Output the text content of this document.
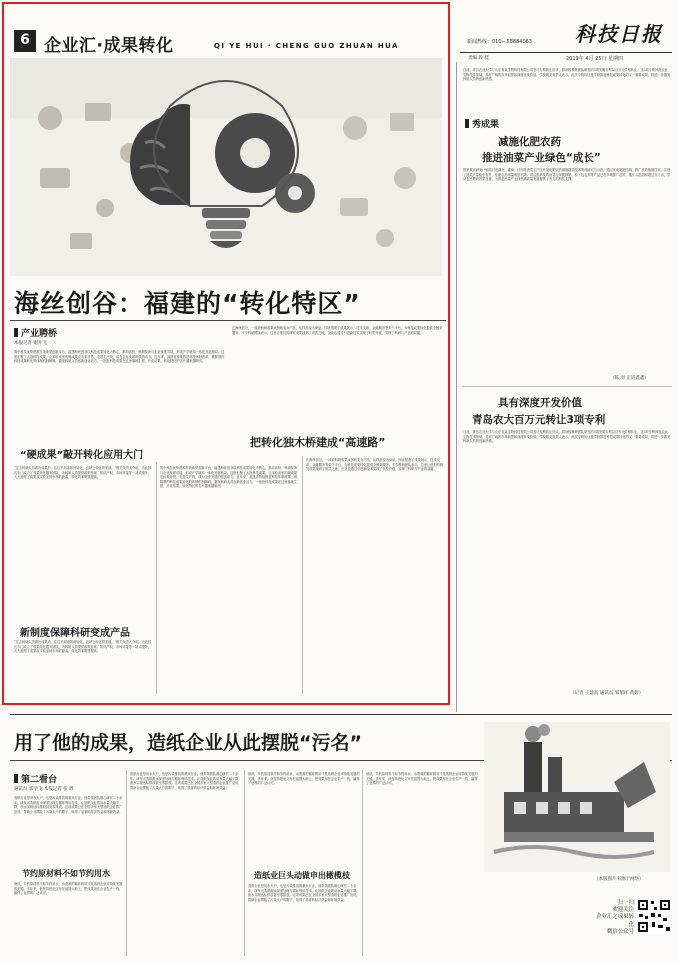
6 企业汇·成果转化	QI YE HUI · CHENG GUO ZHUAN HUA	新闻热线：010—58884063 科技日报
责编 段 佳	2019年 4月 25日 星期四
海丝创谷：福建的“转化特区”
产业聘桥
本报记者 谢开飞
集中科技优势资源打造新型创新平台，福建海丝创谷以科技成果转化为核心，推动高校、科研院所与企业深度对接，形成产学研用一体化发展格局。这里汇聚了大批科技成果，让实验室里的硬成果走出象牙塔，走进生产线，成为企业发展的强劲动力。近年来，福建省持续推进科技体制改革，破除制约科技成果转化的体制机制障碍，激发科研人员创新创业活力，一批批科技成果在这里落地生根、开花结果，转化特区的名片越来越响亮。
在海丝创谷，一项项科研成果从图纸变为产品，从样品变为商品。园区搭建了成果展示、技术交易、金融服务等多个平台，为科技成果转化提供全链条服务。不少科研团队表示，这里让他们的研究成果找到了用武之地，企业也通过引进新技术实现了转型升级，实现了科研与产业的双赢。
“硬成果”敲开转化应用大门
把转化独木桥建成“高速路”
“过去科研人员做出成果后，往往不知道如何转化，也缺乏转化的渠道。”相关负责人介绍，为此园区专门成立了成果转化服务团队，为科研人员提供政策咨询、知识产权、市场对接等一站式服务，大大缩短了成果从实验室到市场的距离，转化效率明显提高。
集中科技优势资源打造新型创新平台，福建海丝创谷以科技成果转化为核心，推动高校、科研院所与企业深度对接，形成产学研用一体化发展格局。这里汇聚了大批科技成果，让实验室里的硬成果走出象牙塔，走进生产线，成为企业发展的强劲动力。近年来，福建省持续推进科技体制改革，破除制约科技成果转化的体制机制障碍，激发科研人员创新创业活力，一批批科技成果在这里落地生根、开花结果，转化特区的名片越来越响亮。
在海丝创谷，一项项科研成果从图纸变为产品，从样品变为商品。园区搭建了成果展示、技术交易、金融服务等多个平台，为科技成果转化提供全链条服务。不少科研团队表示，这里让他们的研究成果找到了用武之地，企业也通过引进新技术实现了转型升级，实现了科研与产业的双赢。
新制度保障科研变成产品
“过去科研人员做出成果后，往往不知道如何转化，也缺乏转化的渠道。”相关负责人介绍，为此园区专门成立了成果转化服务团队，为科研人员提供政策咨询、知识产权、市场对接等一站式服务，大大缩短了成果从实验室到市场的距离，转化效率明显提高。
秀成果
日前，青岛农业大学与山东省某生物科技有限公司签订专利转让协议，将该校科研团队研发的3项发明专利以百万元价格转让。这3项专利涉及农业生物技术领域，具有广阔的市场前景和深度开发价值。学校相关负责人表示，此次专利转让是学校推进科技成果转化的又一重要成果，将进一步激发科研人员的创新热情。
减施化肥农药
推进油菜产业绿色“成长”
国家重点研发计划项目在湖北、湖南、江西等油菜主产区开展化肥农药减施增效技术集成研究与示范，通过优化施肥结构、推广高效植保技术，实现了油菜产量稳中有升、化肥农药用量明显下降。项目组研发的油菜专用缓释肥、种子包衣剂等产品已在多地推广应用，累计示范面积超过百万亩，带动农民增收效果显著，为推进油菜产业绿色高质量发展提供了有力的科技支撑。
（陈 羽 正道鑫鑫）
具有深度开发价值
青岛农大百万元转让3项专利
日前，青岛农业大学与山东省某生物科技有限公司签订专利转让协议，将该校科研团队研发的3项发明专利以百万元价格转让。这3项专利涉及农业生物技术领域，具有广阔的市场前景和深度开发价值。学校相关负责人表示，此次专利转让是学校推进科技成果转化的又一重要成果，将进一步激发科研人员的创新热情。
（记者 王建高 通讯员 邹瑞祥 黄婷）
用了他的成果，造纸企业从此摆脱“污名”
第二看台
通讯员 郭学飞 本报记者 张 晔
造纸行业是用水大户，也是污染排放的重点行业。他带领团队潜心研究二十余年，研发出造纸废水深度处理与循环利用技术，让造纸企业的用水量大幅下降，废水实现达标排放甚至零排放。这项成果已在全国多家大型造纸企业推广应用，帮助企业摆脱了污染大户的帽子，取得了显著的经济效益和环境效益。
节约原材料不如节约用水
他说，节约原材料不如节约用水，水资源的循环利用才是造纸企业可持续发展的关键。多年来，他坚持把论文写在祖国大地上，把成果用在企业生产一线，赢得了业界的广泛认可。
造纸行业是用水大户，也是污染排放的重点行业。他带领团队潜心研究二十余年，研发出造纸废水深度处理与循环利用技术，让造纸企业的用水量大幅下降，废水实现达标排放甚至零排放。这项成果已在全国多家大型造纸企业推广应用，帮助企业摆脱了污染大户的帽子，取得了显著的经济效益和环境效益。
他说，节约原材料不如节约用水，水资源的循环利用才是造纸企业可持续发展的关键。多年来，他坚持把论文写在祖国大地上，把成果用在企业生产一线，赢得了业界的广泛认可。
造纸业巨头动做申出橄榄枝
造纸行业是用水大户，也是污染排放的重点行业。他带领团队潜心研究二十余年，研发出造纸废水深度处理与循环利用技术，让造纸企业的用水量大幅下降，废水实现达标排放甚至零排放。这项成果已在全国多家大型造纸企业推广应用，帮助企业摆脱了污染大户的帽子，取得了显著的经济效益和环境效益。
他说，节约原材料不如节约用水，水资源的循环利用才是造纸企业可持续发展的关键。多年来，他坚持把论文写在祖国大地上，把成果用在企业生产一线，赢得了业界的广泛认可。
（本版图片来源于网络）
扫一扫
欢迎关注
企业汇之成果转化
微信公众号
